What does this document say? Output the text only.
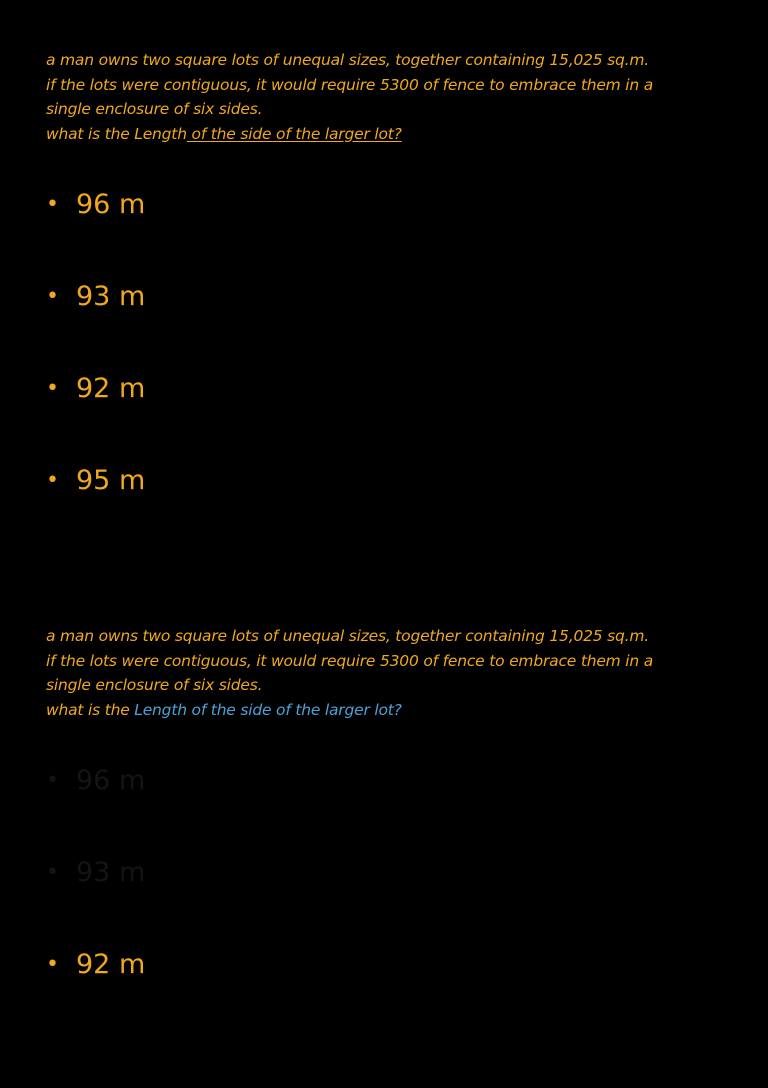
a man owns two square lots of unequal sizes, together containing 15,025 sq.m.
if the lots were contiguous, it would require 5300 of fence to embrace them in a
single enclosure of six sides.
what is the Length of the side of the larger lot?
• 96 m
• 93 m
• 92 m
• 95 m
a man owns two square lots of unequal sizes, together containing 15,025 sq.m.
if the lots were contiguous, it would require 5300 of fence to embrace them in a
single enclosure of six sides.
what is the Length of the side of the larger lot?
• 96 m
• 93 m
• 92 m
